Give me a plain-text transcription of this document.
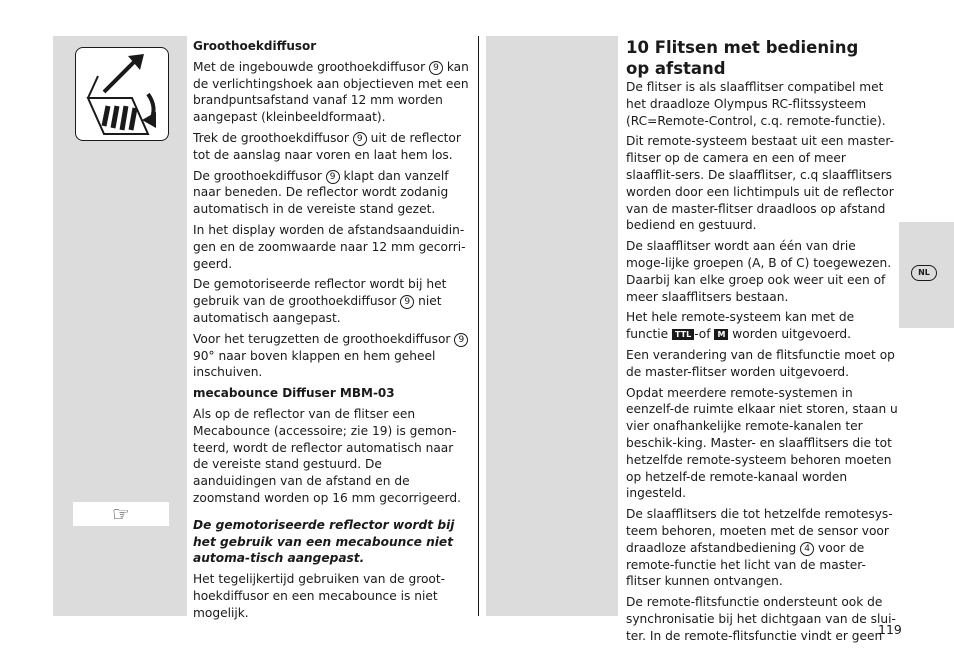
☞

Groothoekdiffusor

Met de ingebouwde groothoekdiffusor 9 kan de verlichtingshoek aan objectieven met een brandpuntsafstand vanaf 12 mm worden aangepast (kleinbeeldformaat).

Trek de groothoekdiffusor 9 uit de reflector tot de aanslag naar voren en laat hem los.

De groothoekdiffusor 9 klapt dan vanzelf naar beneden. De reflector wordt zodanig automatisch in de vereiste stand gezet.

In het display worden de afstandsaanduidin-gen en de zoomwaarde naar 12 mm gecorri-geerd.

De gemotoriseerde reflector wordt bij het gebruik van de groothoekdiffusor 9 niet automatisch aangepast.

Voor het terugzetten de groothoekdiffusor 9 90° naar boven klappen en hem geheel inschuiven.

mecabounce Diffuser MBM-03

Als op de reflector van de flitser een Mecabounce (accessoire; zie 19) is gemon-teerd, wordt de reflector automatisch naar de vereiste stand gestuurd. De aanduidingen van de afstand en de zoomstand worden op 16 mm gecorrigeerd.

De gemotoriseerde reflector wordt bij het gebruik van een mecabounce niet automa-tisch aangepast.

Het tegelijkertijd gebruiken van de groot-hoekdiffusor en een mecabounce is niet mogelijk.

10 Flitsen met bediening op afstand

De flitser is als slaafflitser compatibel met het draadloze Olympus RC-flitssysteem (RC=Remote-Control, c.q. remote-functie).

Dit remote-systeem bestaat uit een master-flitser op de camera en een of meer slaafflit-sers. De slaafflitser, c.q slaafflitsers worden door een lichtimpuls uit de reflector van de master-flitser draadloos op afstand bediend en gestuurd.

De slaafflitser wordt aan één van drie moge-lijke groepen (A, B of C) toegewezen. Daarbij kan elke groep ook weer uit een of meer slaafflitsers bestaan.

Het hele remote-systeem kan met de functie TTL -of M worden uitgevoerd.

Een verandering van de flitsfunctie moet op de master-flitser worden uitgevoerd.

Opdat meerdere remote-systemen in eenzelf-de ruimte elkaar niet storen, staan u vier onafhankelijke remote-kanalen ter beschik-king. Master- en slaafflitsers die tot hetzelfde remote-systeem behoren moeten op hetzelf-de remote-kanaal worden ingesteld.

De slaafflitsers die tot hetzelfde remotesys-teem behoren, moeten met de sensor voor draadloze afstandbediening 4 voor de remote-functie het licht van de master-flitser kunnen ontvangen.

De remote-flitsfunctie ondersteunt ook de synchronisatie bij het dichtgaan van de slui-ter. In de remote-flitsfunctie vindt er geen

NL
119
